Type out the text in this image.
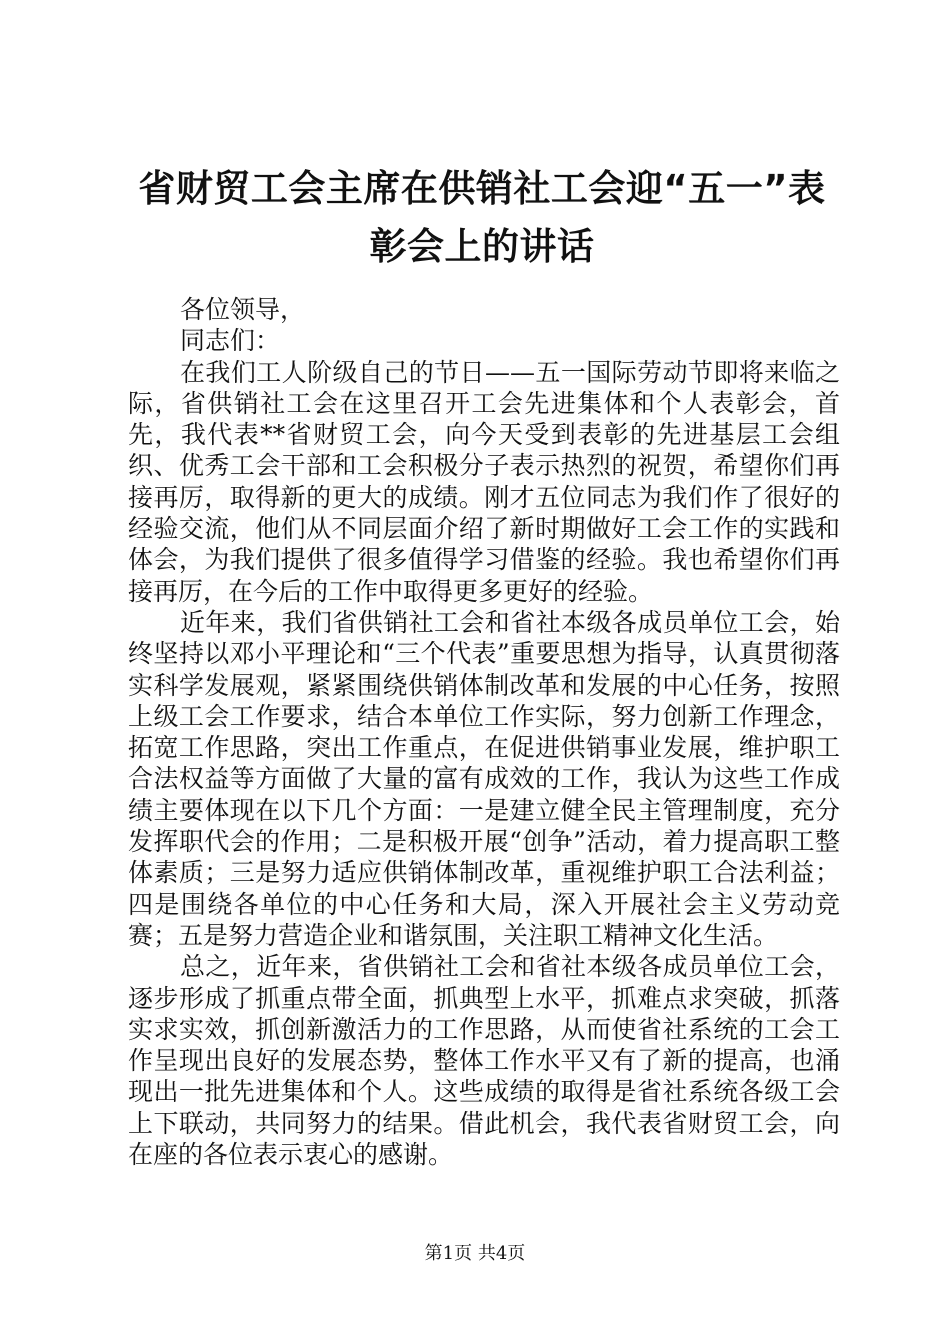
省财贸工会主席在供销社工会迎“五一”表彰会上的讲话

各位领导，

同志们：

在我们工人阶级自己的节日——五一国际劳动节即将来临之际，省供销社工会在这里召开工会先进集体和个人表彰会，首先，我代表**省财贸工会，向今天受到表彰的先进基层工会组织、优秀工会干部和工会积极分子表示热烈的祝贺，希望你们再接再厉，取得新的更大的成绩。刚才五位同志为我们作了很好的经验交流，他们从不同层面介绍了新时期做好工会工作的实践和体会，为我们提供了很多值得学习借鉴的经验。我也希望你们再接再厉，在今后的工作中取得更多更好的经验。

近年来，我们省供销社工会和省社本级各成员单位工会，始终坚持以邓小平理论和“三个代表”重要思想为指导，认真贯彻落实科学发展观，紧紧围绕供销体制改革和发展的中心任务，按照上级工会工作要求，结合本单位工作实际，努力创新工作理念，拓宽工作思路，突出工作重点，在促进供销事业发展，维护职工合法权益等方面做了大量的富有成效的工作，我认为这些工作成绩主要体现在以下几个方面：一是建立健全民主管理制度，充分发挥职代会的作用；二是积极开展“创争”活动，着力提高职工整体素质；三是努力适应供销体制改革，重视维护职工合法利益；四是围绕各单位的中心任务和大局，深入开展社会主义劳动竞赛；五是努力营造企业和谐氛围，关注职工精神文化生活。

总之，近年来，省供销社工会和省社本级各成员单位工会，逐步形成了抓重点带全面，抓典型上水平，抓难点求突破，抓落实求实效，抓创新激活力的工作思路，从而使省社系统的工会工作呈现出良好的发展态势，整体工作水平又有了新的提高，也涌现出一批先进集体和个人。这些成绩的取得是省社系统各级工会上下联动，共同努力的结果。借此机会，我代表省财贸工会，向在座的各位表示衷心的感谢。

第1页 共4页
